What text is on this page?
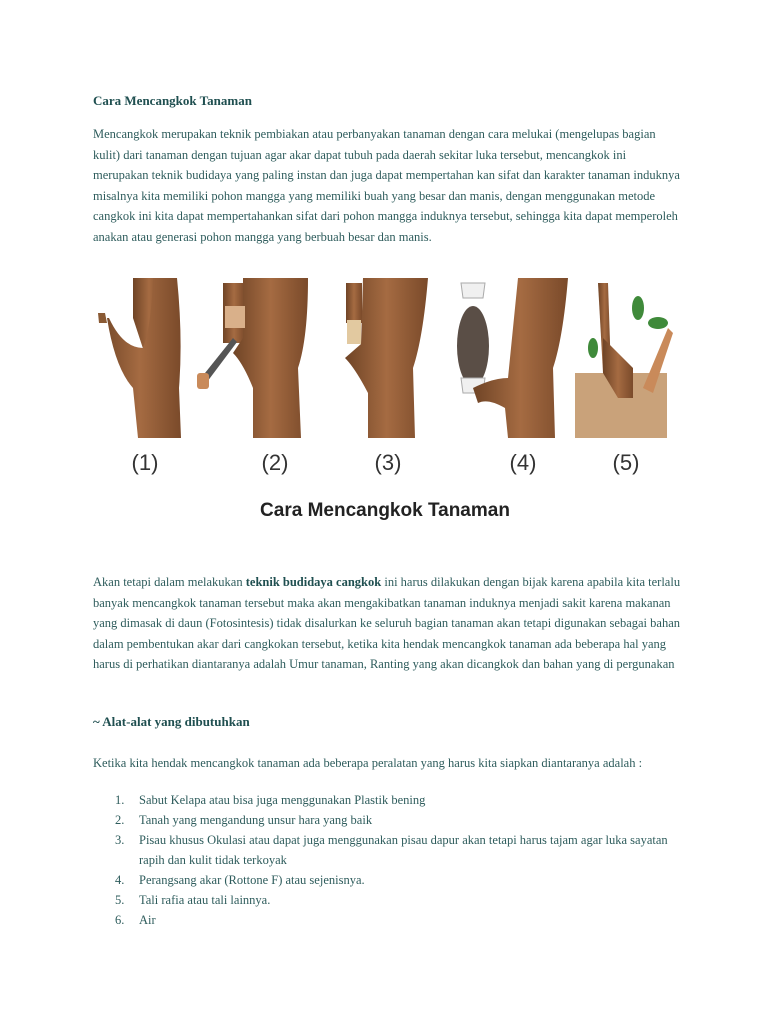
Cara Mencangkok Tanaman
Mencangkok merupakan teknik pembiakan atau perbanyakan tanaman dengan cara melukai (mengelupas bagian kulit) dari tanaman dengan tujuan agar akar dapat tubuh pada daerah sekitar luka tersebut, mencangkok ini merupakan teknik budidaya yang paling instan dan juga dapat mempertahan kan sifat dan karakter tanaman induknya misalnya kita memiliki pohon mangga yang memiliki buah yang besar dan manis, dengan menggunakan metode cangkok ini kita dapat mempertahankan sifat dari pohon mangga induknya tersebut, sehingga kita dapat memperoleh anakan atau generasi pohon mangga yang berbuah besar dan manis.
(1)	(2)	(3)	(4)	(5)
Cara Mencangkok Tanaman
Akan tetapi dalam melakukan teknik budidaya cangkok ini harus dilakukan dengan bijak karena apabila kita terlalu banyak mencangkok tanaman tersebut maka akan mengakibatkan tanaman induknya menjadi sakit karena makanan yang dimasak di daun (Fotosintesis) tidak disalurkan ke seluruh bagian tanaman akan tetapi digunakan sebagai bahan dalam pembentukan akar dari cangkokan tersebut, ketika kita hendak mencangkok tanaman ada beberapa hal yang harus di perhatikan diantaranya adalah Umur tanaman, Ranting yang akan dicangkok dan bahan yang di pergunakan
~ Alat-alat yang dibutuhkan
Ketika kita hendak mencangkok tanaman ada beberapa peralatan yang harus kita siapkan diantaranya adalah :
1.	Sabut Kelapa atau bisa juga menggunakan Plastik bening
2.	Tanah yang mengandung unsur hara yang baik
3.	Pisau khusus Okulasi atau dapat juga menggunakan pisau dapur akan tetapi harus tajam agar luka sayatan rapih dan kulit tidak terkoyak
4.	Perangsang akar (Rottone F) atau sejenisnya.
5.	Tali rafia atau tali lainnya.
6.	Air
